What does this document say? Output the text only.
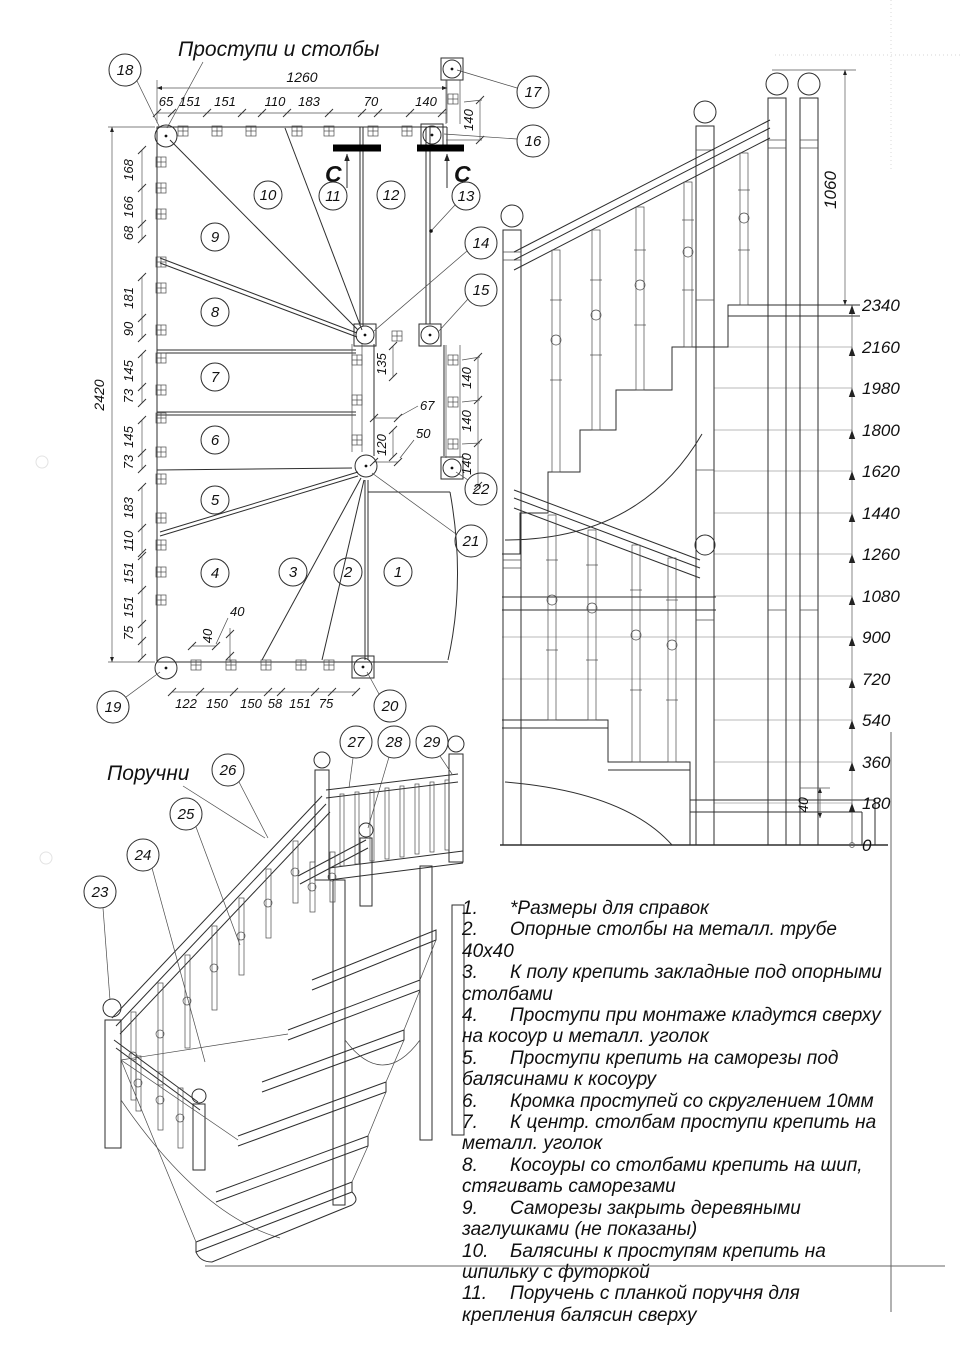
Проступи и столбы
С	С
1260
65 151 151 110 183	70	140
2420
168
166
68
181
90
145
73
145
73
183
110
151
151
75
122 150 150 58 151 75
135
67
120
50
40
40
140
140
140
140
1
2
3
4
5
6
7
8
9
10	11	12	13
18
17
16
14
15
22
21
20
19
2340
2160
1980
1800
1620
1440
1260
1080
900
720
540
360
180
0
1060
40
Поручни
23
24
25
26
27 28 29
1. *Размеры для справок
2. Опорные столбы на металл. трубе 40х40
3. К полу крепить закладные под опорными столбами
4. Проступи при монтаже кладутся сверху на косоур и металл. уголок
5. Проступи крепить на саморезы под балясинами к косоуру
6. Кромка проступей со скруглением 10мм
7. К центр. столбам проступи крепить на металл. уголок
8. Косоуры со столбами крепить на шип, стягивать саморезами
9. Саморезы закрыть деревяными заглушками (не показаны)
10. Балясины к проступям крепить на шпильку с футоркой
11. Поручень с планкой поручня для крепления балясин сверху
